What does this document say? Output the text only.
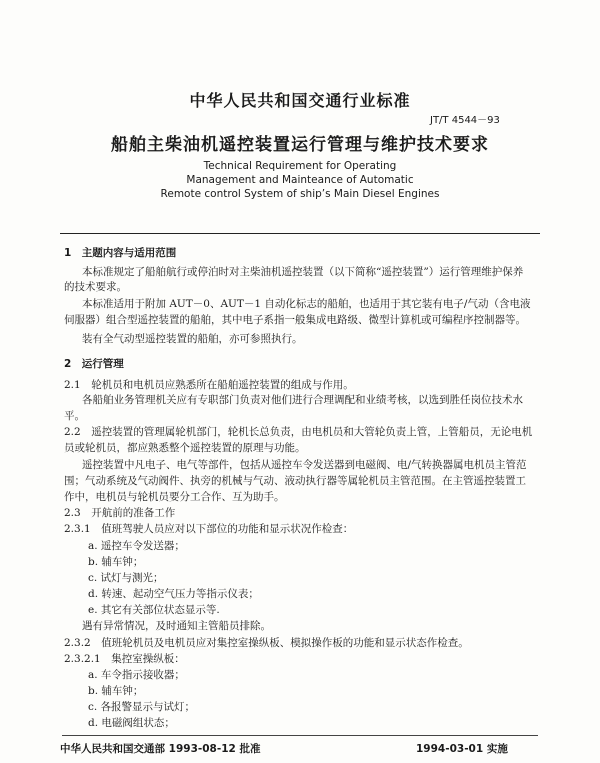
中华人民共和国交通行业标准
JT/T 4544－93
船舶主柴油机遥控装置运行管理与维护技术要求
Technical Requirement for Operating
Management and Mainteance of Automatic
Remote control System of ship’s Main Diesel Engines
1　主题内容与适用范围
本标准规定了船舶航行或停泊时对主柴油机遥控装置（以下简称“遥控装置”）运行管理维护保养
的技术要求。
本标准适用于附加 AUT－0、AUT－1 自动化标志的船舶，也适用于其它装有电子/气动（含电液
伺服器）组合型遥控装置的船舶，其中电子系指一般集成电路级、微型计算机或可编程序控制器等。
装有全气动型遥控装置的船舶，亦可参照执行。
2　运行管理
2.1　轮机员和电机员应熟悉所在船舶遥控装置的组成与作用。
各船舶业务管理机关应有专职部门负责对他们进行合理调配和业绩考核，以选到胜任岗位技术水
平。
2.2　遥控装置的管理属轮机部门，轮机长总负责，由电机员和大管轮负责上管，上管船员，无论电机
员或轮机员，都应熟悉整个遥控装置的原理与功能。
遥控装置中凡电子、电气等部件，包括从遥控车令发送器到电磁阀、电/气转换器属电机员主管范
围；气动系统及气动阀件、执旁的机械与气动、液动执行器等属轮机员主管范围。在主管遥控装置工
作中，电机员与轮机员要分工合作、互为助手。
2.3　开航前的准备工作
2.3.1　值班驾驶人员应对以下部位的功能和显示状况作检查：
a. 遥控车令发送器；
b. 辅车钟；
c. 试灯与测光；
d. 转速、起动空气压力等指示仪表；
e. 其它有关部位状态显示等.
遇有异常情况，及时通知主管船员排除。
2.3.2　值班轮机员及电机员应对集控室操纵板、模拟操作板的功能和显示状态作检查。
2.3.2.1　集控室操纵板：
a. 车令指示接收器；
b. 辅车钟；
c. 各报警显示与试灯；
d. 电磁阀组状态；
中华人民共和国交通部 1993-08-12 批准	1994-03-01 实施
